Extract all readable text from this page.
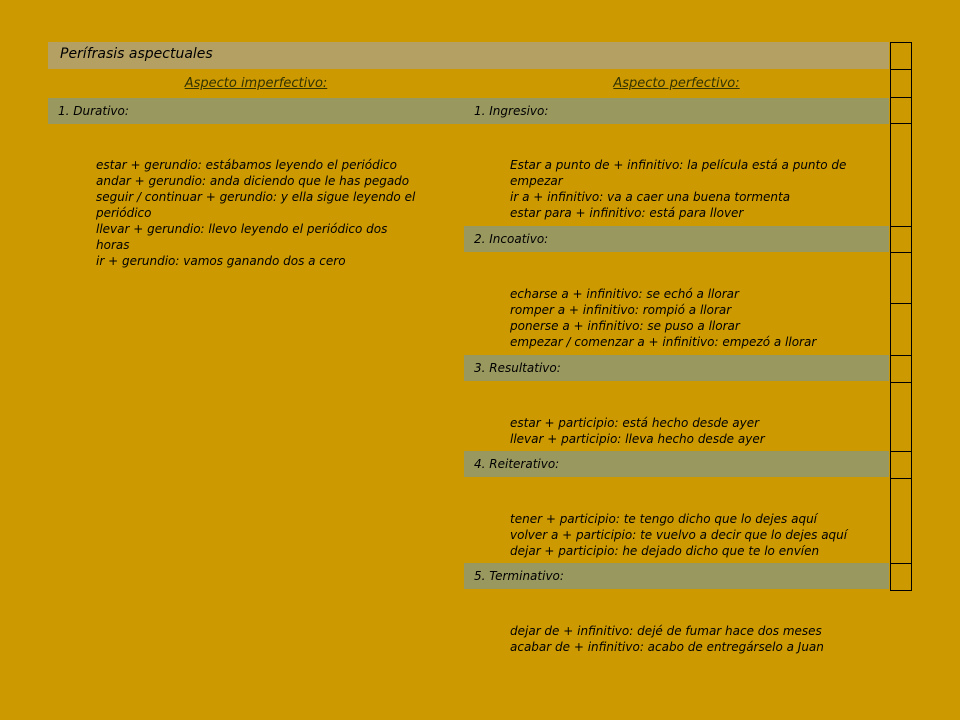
Perífrasis aspectuales
Aspecto imperfectivo:	Aspecto perfectivo:
1. Durativo:
estar + gerundio: estábamos leyendo el periódico
andar + gerundio: anda diciendo que le has pegado
seguir / continuar + gerundio: y ella sigue leyendo el
periódico
llevar + gerundio: llevo leyendo el periódico dos
horas
ir + gerundio: vamos ganando dos a cero
1. Ingresivo:
Estar a punto de + infinitivo: la película está a punto de
empezar
ir a + infinitivo: va a caer una buena tormenta
estar para + infinitivo: está para llover
2. Incoativo:
echarse a + infinitivo: se echó a llorar
romper a + infinitivo: rompió a llorar
ponerse a + infinitivo: se puso a llorar
empezar / comenzar a + infinitivo: empezó a llorar
3. Resultativo:
estar + participio: está hecho desde ayer
llevar + participio: lleva hecho desde ayer
4. Reiterativo:
tener + participio: te tengo dicho que lo dejes aquí
volver a + participio: te vuelvo a decir que lo dejes aquí
dejar + participio: he dejado dicho que te lo envíen
5. Terminativo:
dejar de + infinitivo: dejé de fumar hace dos meses
acabar de + infinitivo: acabo de entregárselo a Juan
